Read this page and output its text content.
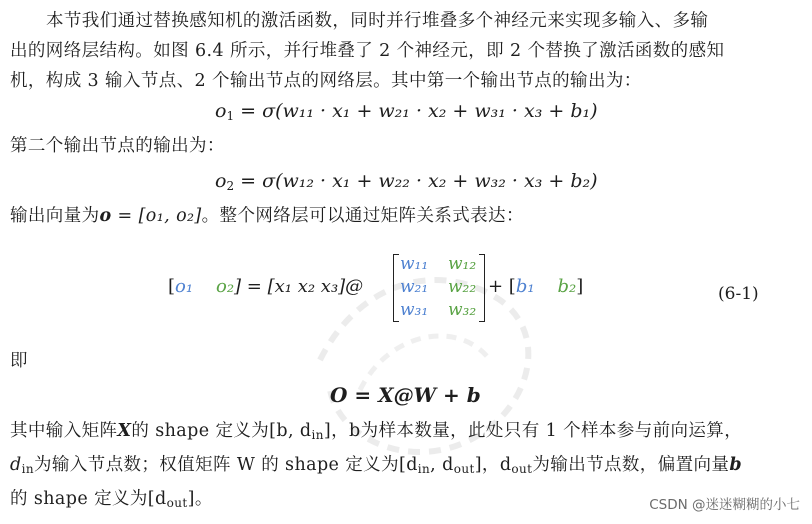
本节我们通过替换感知机的激活函数，同时并行堆叠多个神经元来实现多输入、多输
出的网络层结构。如图 6.4 所示，并行堆叠了 2 个神经元，即 2 个替换了激活函数的感知
机，构成 3 输入节点、2 个输出节点的网络层。其中第一个输出节点的输出为：
$o_1 = \sigma(w_{11} \cdot x_1 + w_{21} \cdot x_2 + w_{31} \cdot x_3 + b_1)$
第二个输出节点的输出为：
$o_2 = \sigma(w_{12} \cdot x_1 + w_{22} \cdot x_2 + w_{32} \cdot x_3 + b_2)$
输出向量为o = [o₁, o₂]。整个网络层可以通过矩阵关系式表达：
[o₁ o₂] = [x₁ x₂ x₃]@
w₁₁ w₁₂
w₂₁ w₂₂
w₃₁ w₃₂
+ [b₁ b₂]	(6-1)
即
O = X@W + b
其中输入矩阵X的 shape 定义为[b, $d_{in}$]，b为样本数量，此处只有 1 个样本参与前向运算，
$d_{in}$为输入节点数；权值矩阵 W 的 shape 定义为[$d_{in}$, $d_{out}$]，$d_{out}$为输出节点数，偏置向量b
的 shape 定义为$[d_{out}]$。	CSDN @迷迷糊糊的小七
